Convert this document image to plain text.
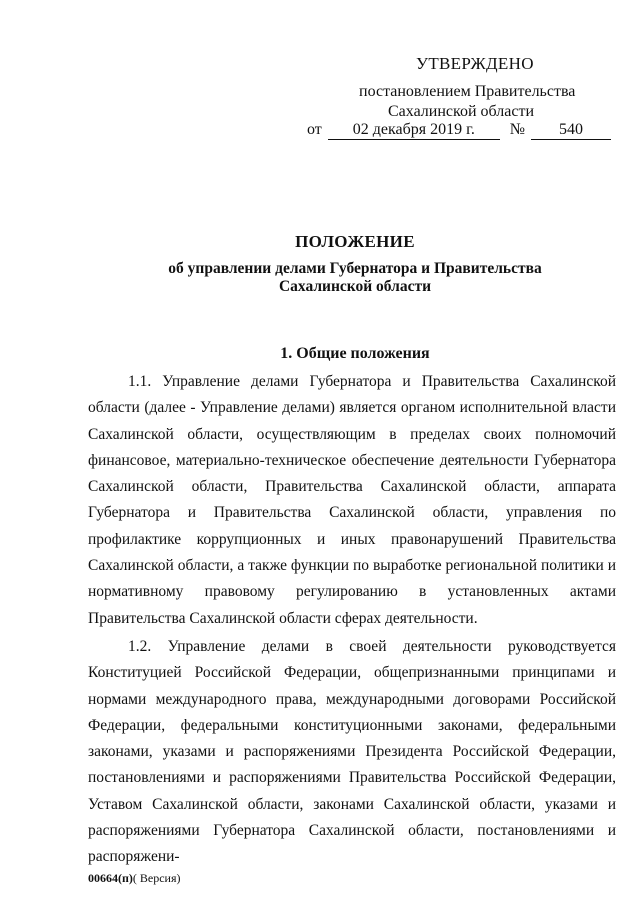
УТВЕРЖДЕНО
постановлением Правительства
Сахалинской области
от 02 декабря 2019 г. № 540
ПОЛОЖЕНИЕ
об управлении делами Губернатора и Правительства
Сахалинской области
1. Общие положения

1.1. Управление делами Губернатора и Правительства Сахалинской области (далее - Управление делами) является органом исполнительной власти Сахалинской области, осуществляющим в пределах своих полномочий финансовое, материально-техническое обеспечение деятельности Губернатора Сахалинской области, Правительства Сахалинской области, аппарата Губернатора и Правительства Сахалинской области, управления по профилактике коррупционных и иных правонарушений Правительства Сахалинской области, а также функции по выработке региональной политики и нормативному правовому регулированию в установленных актами Правительства Сахалинской области сферах деятельности.

1.2. Управление делами в своей деятельности руководствуется Конституцией Российской Федерации, общепризнанными принципами и нормами международного права, международными договорами Российской Федерации, федеральными конституционными законами, федеральными законами, указами и распоряжениями Президента Российской Федерации, постановлениями и распоряжениями Правительства Российской Федерации, Уставом Сахалинской области, законами Сахалинской области, указами и распоряжениями Губернатора Сахалинской области, постановлениями и распоряжени-

00664(п)( Версия)
